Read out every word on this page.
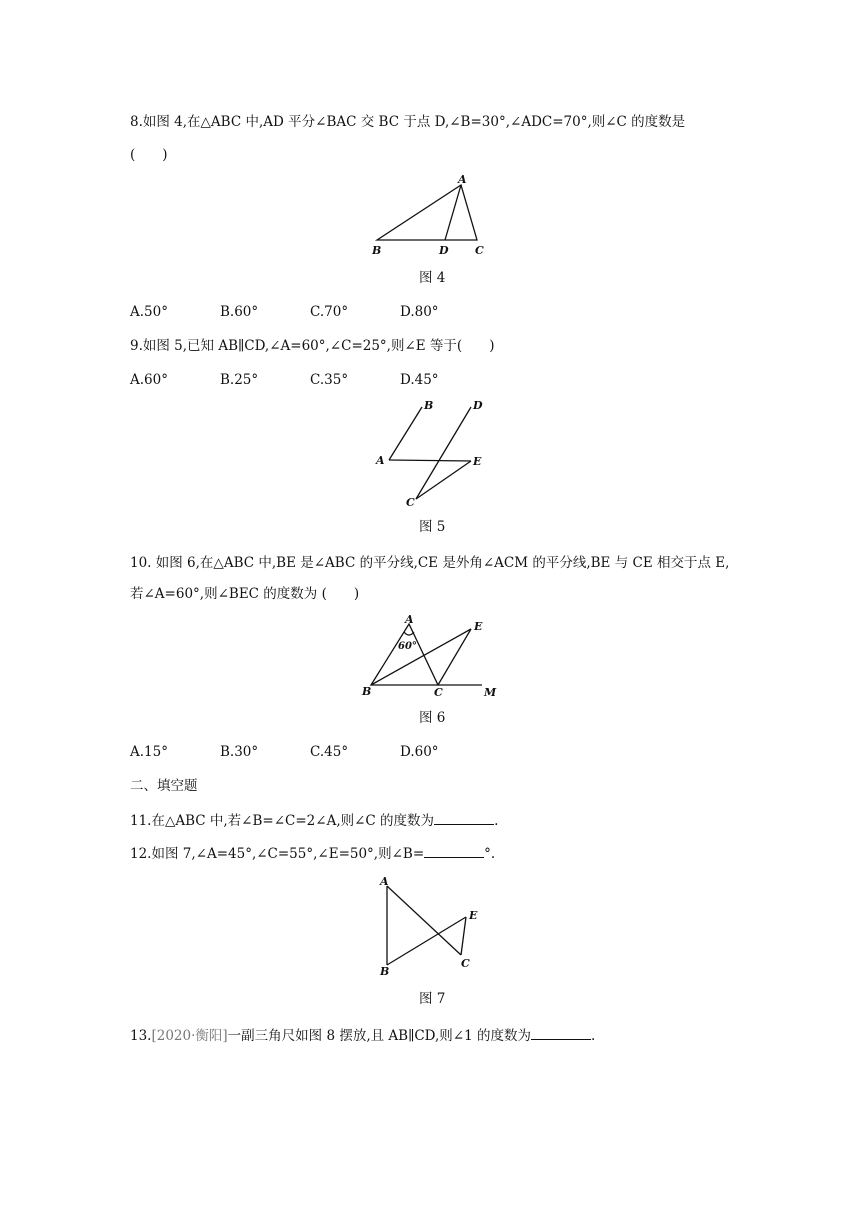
8.如图 4,在△ABC 中,AD 平分∠BAC 交 BC 于点 D,∠B=30°,∠ADC=70°,则∠C 的度数是
(　　)
A
B	D C
图 4
A.50°	B.60°	C.70°	D.80°
9.如图 5,已知 AB∥CD,∠A=60°,∠C=25°,则∠E 等于(　　)
A.60°	B.25°	C.35°	D.45°
B	D
A	E
C
图 5
10. 如图 6,在△ABC 中,BE 是∠ABC 的平分线,CE 是外角∠ACM 的平分线,BE 与 CE 相交于点 E,
若∠A=60°,则∠BEC 的度数为 (　　)
A
E
60°
B	C	M
图 6
A.15°	B.30°	C.45°	D.60°
二、填空题
11.在△ABC 中,若∠B=∠C=2∠A,则∠C 的度数为	.
12.如图 7,∠A=45°,∠C=55°,∠E=50°,则∠B=	°.
A
E
C
B
图 7
13.[2020·衡阳]一副三角尺如图 8 摆放,且 AB∥CD,则∠1 的度数为	.
